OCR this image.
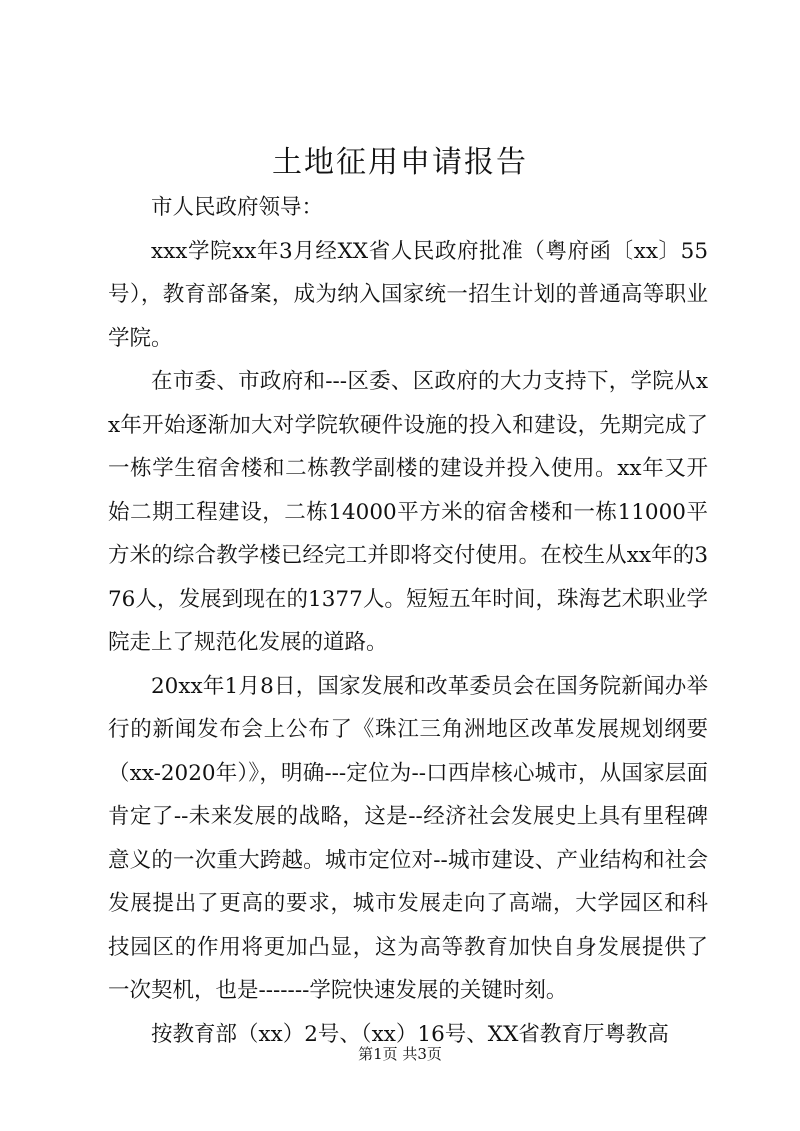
土地征用申请报告

市人民政府领导：

xxx学院xx年3月经XX省人民政府批准（粤府函〔xx〕55号），教育部备案，成为纳入国家统一招生计划的普通高等职业学院。

在市委、市政府和---区委、区政府的大力支持下，学院从xx年开始逐渐加大对学院软硬件设施的投入和建设，先期完成了一栋学生宿舍楼和二栋教学副楼的建设并投入使用。xx年又开始二期工程建设，二栋14000平方米的宿舍楼和一栋11000平方米的综合教学楼已经完工并即将交付使用。在校生从xx年的376人，发展到现在的1377人。短短五年时间，珠海艺术职业学院走上了规范化发展的道路。

20xx年1月8日，国家发展和改革委员会在国务院新闻办举行的新闻发布会上公布了《珠江三角洲地区改革发展规划纲要（xx-2020年）》，明确---定位为--口西岸核心城市，从国家层面肯定了--未来发展的战略，这是--经济社会发展史上具有里程碑意义的一次重大跨越。城市定位对--城市建设、产业结构和社会发展提出了更高的要求，城市发展走向了高端，大学园区和科技园区的作用将更加凸显，这为高等教育加快自身发展提供了一次契机，也是-------学院快速发展的关键时刻。

按教育部（xx）2号、（xx）16号、XX省教育厅粤教高

第1页 共3页
